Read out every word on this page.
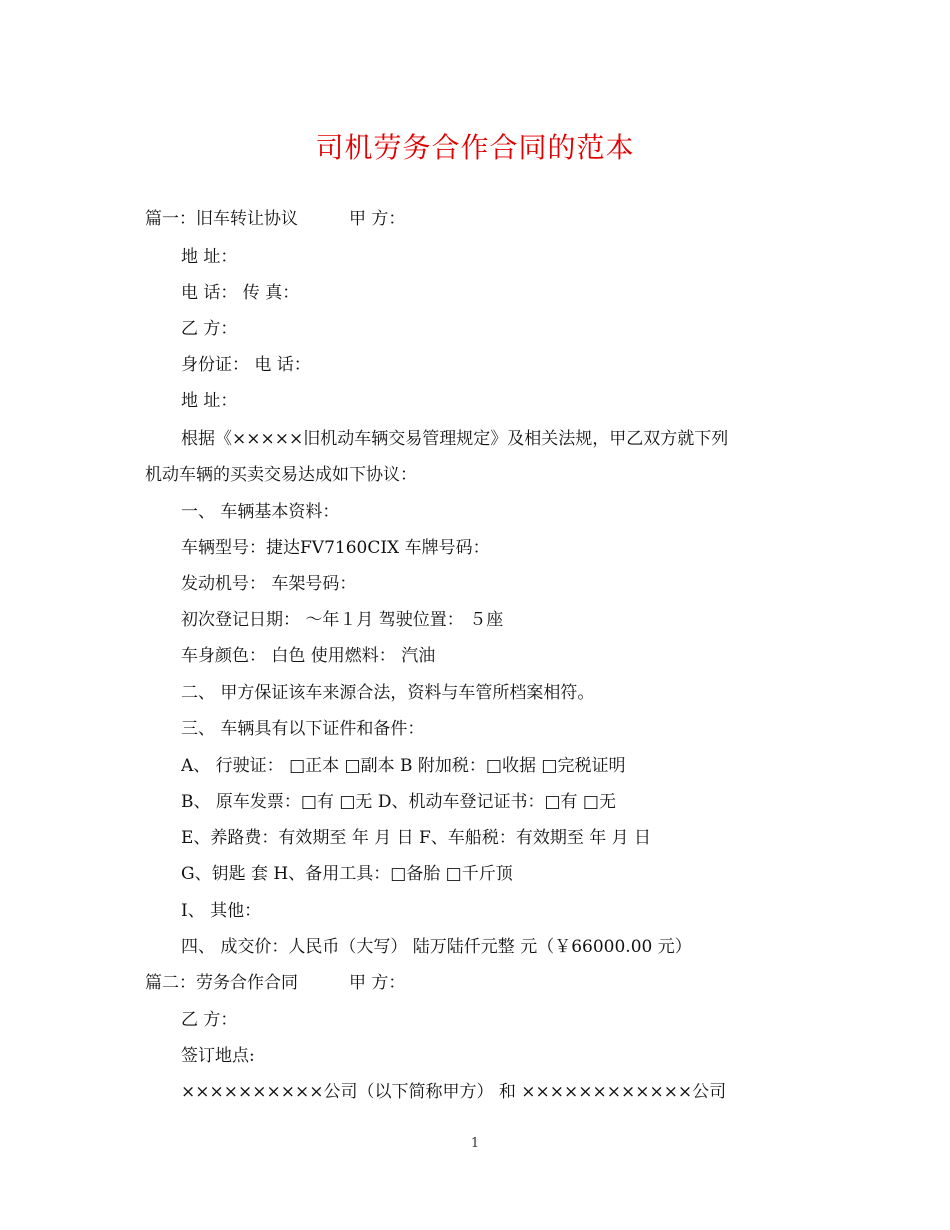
司机劳务合作合同的范本
篇一：旧车转让协议　　　甲 方：
地 址：
电 话： 传 真：
乙 方：
身份证： 电 话：
地 址：
根据《×××××旧机动车辆交易管理规定》及相关法规，甲乙双方就下列
机动车辆的买卖交易达成如下协议：
一、 车辆基本资料：
车辆型号：捷达FV7160CIX 车牌号码：
发动机号： 车架号码：
初次登记日期： ～年１月 驾驶位置： ５座
车身颜色： 白色 使用燃料： 汽油
二、 甲方保证该车来源合法，资料与车管所档案相符。
三、 车辆具有以下证件和备件：
A、 行驶证： □正本 □副本 B 附加税：□收据 □完税证明
B、 原车发票：□有 □无 D、机动车登记证书：□有 □无
E、养路费：有效期至 年 月 日 F、车船税：有效期至 年 月 日
G、钥匙 套 H、备用工具：□备胎 □千斤顶
I、 其他：
四、 成交价：人民币（大写） 陆万陆仟元整 元（￥66000.00 元）
篇二：劳务合作合同　　　甲 方：
乙 方：
签订地点:
××××××××××公司（以下简称甲方） 和 ××××××××××××公司
1
